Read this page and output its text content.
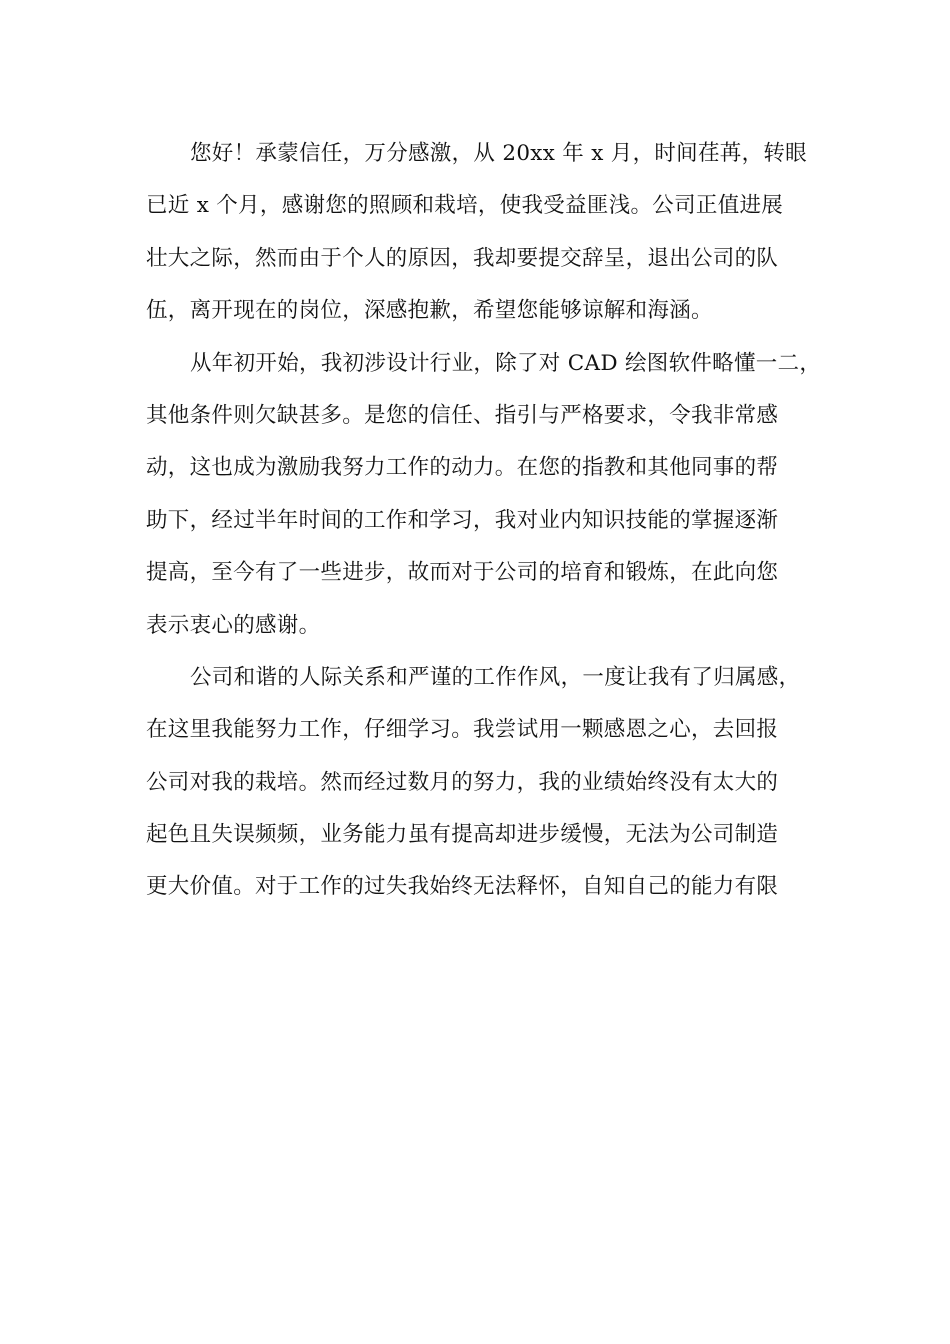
您好！承蒙信任，万分感激，从 20xx 年 x 月，时间荏苒，转眼
已近 x 个月，感谢您的照顾和栽培，使我受益匪浅。公司正值进展
壮大之际，然而由于个人的原因，我却要提交辞呈，退出公司的队
伍，离开现在的岗位，深感抱歉，希望您能够谅解和海涵。
从年初开始，我初涉设计行业，除了对 CAD 绘图软件略懂一二，
其他条件则欠缺甚多。是您的信任、指引与严格要求，令我非常感
动，这也成为激励我努力工作的动力。在您的指教和其他同事的帮
助下，经过半年时间的工作和学习，我对业内知识技能的掌握逐渐
提高，至今有了一些进步，故而对于公司的培育和锻炼，在此向您
表示衷心的感谢。
公司和谐的人际关系和严谨的工作作风，一度让我有了归属感，
在这里我能努力工作，仔细学习。我尝试用一颗感恩之心，去回报
公司对我的栽培。然而经过数月的努力，我的业绩始终没有太大的
起色且失误频频，业务能力虽有提高却进步缓慢，无法为公司制造
更大价值。对于工作的过失我始终无法释怀，自知自己的能力有限
